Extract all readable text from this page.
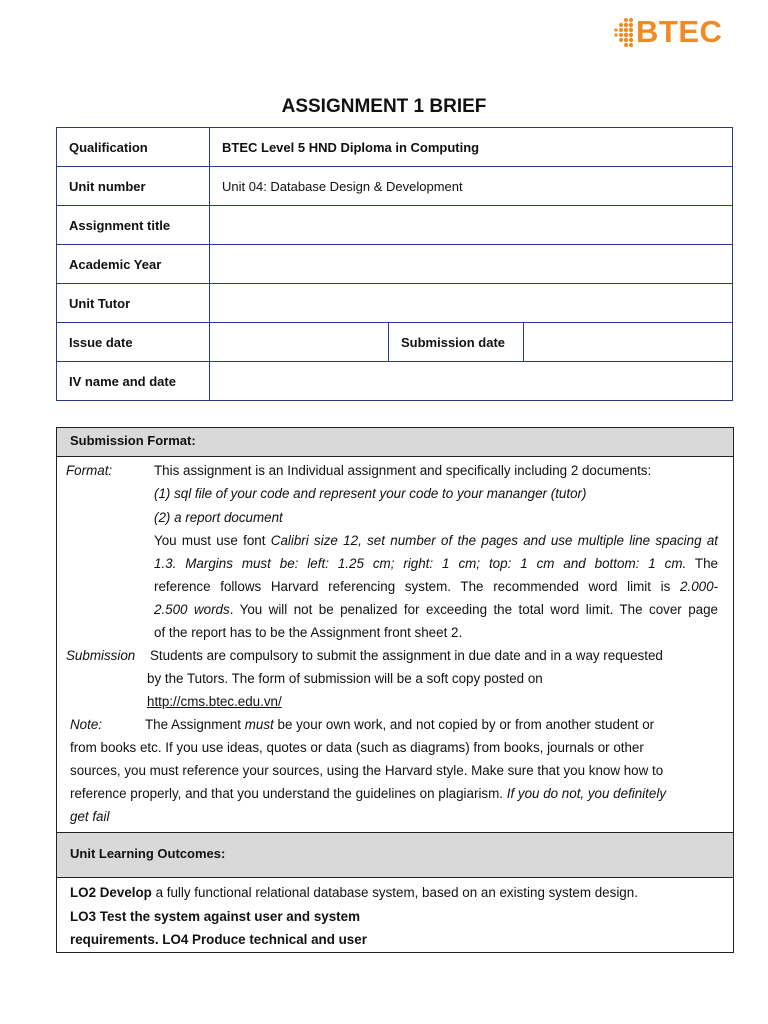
BTEC
ASSIGNMENT 1 BRIEF
Qualification	BTEC Level 5 HND Diploma in Computing		
Unit number	Unit 04: Database Design & Development		
Assignment title			
Academic Year			
Unit Tutor			
Issue date		Submission date	
IV name and date			
Submission Format:
Format:	This assignment is an Individual assignment and specifically including 2 documents:
(1) sql file of your code and represent your code to your mananger (tutor)
(2) a report document
You must use font Calibri size 12, set number of the pages and use multiple line spacing at
1.3. Margins must be: left: 1.25 cm; right: 1 cm; top: 1 cm and bottom: 1 cm. The
reference follows Harvard referencing system. The recommended word limit is 2.000-
2.500 words. You will not be penalized for exceeding the total word limit. The cover page
of the report has to be the Assignment front sheet 2.
Submission Students are compulsory to submit the assignment in due date and in a way requested
by the Tutors. The form of submission will be a soft copy posted on
http://cms.btec.edu.vn/
Note:	The Assignment must be your own work, and not copied by or from another student or
from books etc. If you use ideas, quotes or data (such as diagrams) from books, journals or other
sources, you must reference your sources, using the Harvard style. Make sure that you know how to
reference properly, and that you understand the guidelines on plagiarism. If you do not, you definitely
get fail
Unit Learning Outcomes:
LO2 Develop a fully functional relational database system, based on an existing system design.
LO3 Test the system against user and system
requirements. LO4 Produce technical and user
